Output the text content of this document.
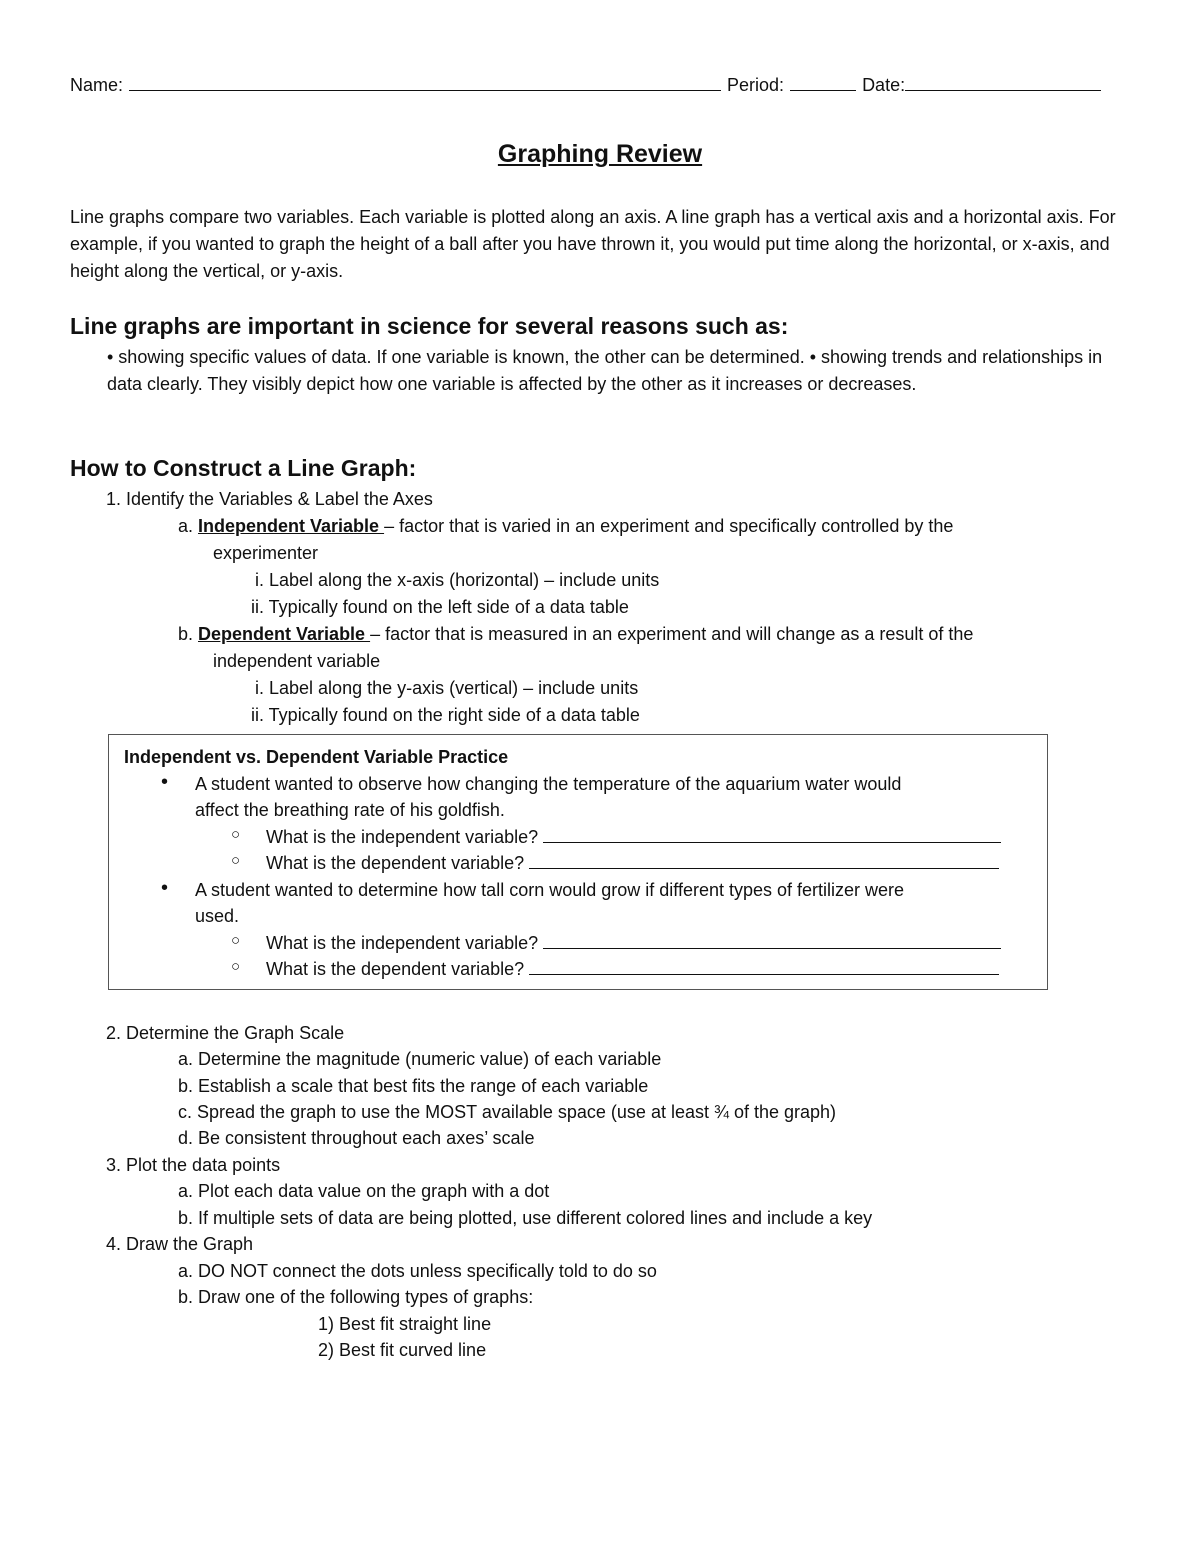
Name:	Period:	Date:
Graphing Review
Line graphs compare two variables. Each variable is plotted along an axis. A line graph has a vertical axis and a horizontal axis. For example, if you wanted to graph the height of a ball after you have thrown it, you would put time along the horizontal, or x-axis, and height along the vertical, or y-axis.
Line graphs are important in science for several reasons such as:
• showing specific values of data. If one variable is known, the other can be determined. • showing trends and relationships in data clearly. They visibly depict how one variable is affected by the other as it increases or decreases.
How to Construct a Line Graph:
1. Identify the Variables & Label the Axes
a. Independent Variable – factor that is varied in an experiment and specifically controlled by the
experimenter
i. Label along the x-axis (horizontal) – include units
ii. Typically found on the left side of a data table
b. Dependent Variable – factor that is measured in an experiment and will change as a result of the
independent variable
i. Label along the y-axis (vertical) – include units
ii. Typically found on the right side of a data table
Independent vs. Dependent Variable Practice
• A student wanted to observe how changing the temperature of the aquarium water would
affect the breathing rate of his goldfish.
○ What is the independent variable?
○ What is the dependent variable?
• A student wanted to determine how tall corn would grow if different types of fertilizer were
used.
○ What is the independent variable?
○ What is the dependent variable?
2. Determine the Graph Scale
a. Determine the magnitude (numeric value) of each variable
b. Establish a scale that best fits the range of each variable
c. Spread the graph to use the MOST available space (use at least ¾ of the graph)
d. Be consistent throughout each axes’ scale
3. Plot the data points
a. Plot each data value on the graph with a dot
b. If multiple sets of data are being plotted, use different colored lines and include a key
4. Draw the Graph
a. DO NOT connect the dots unless specifically told to do so
b. Draw one of the following types of graphs:
1) Best fit straight line
2) Best fit curved line
